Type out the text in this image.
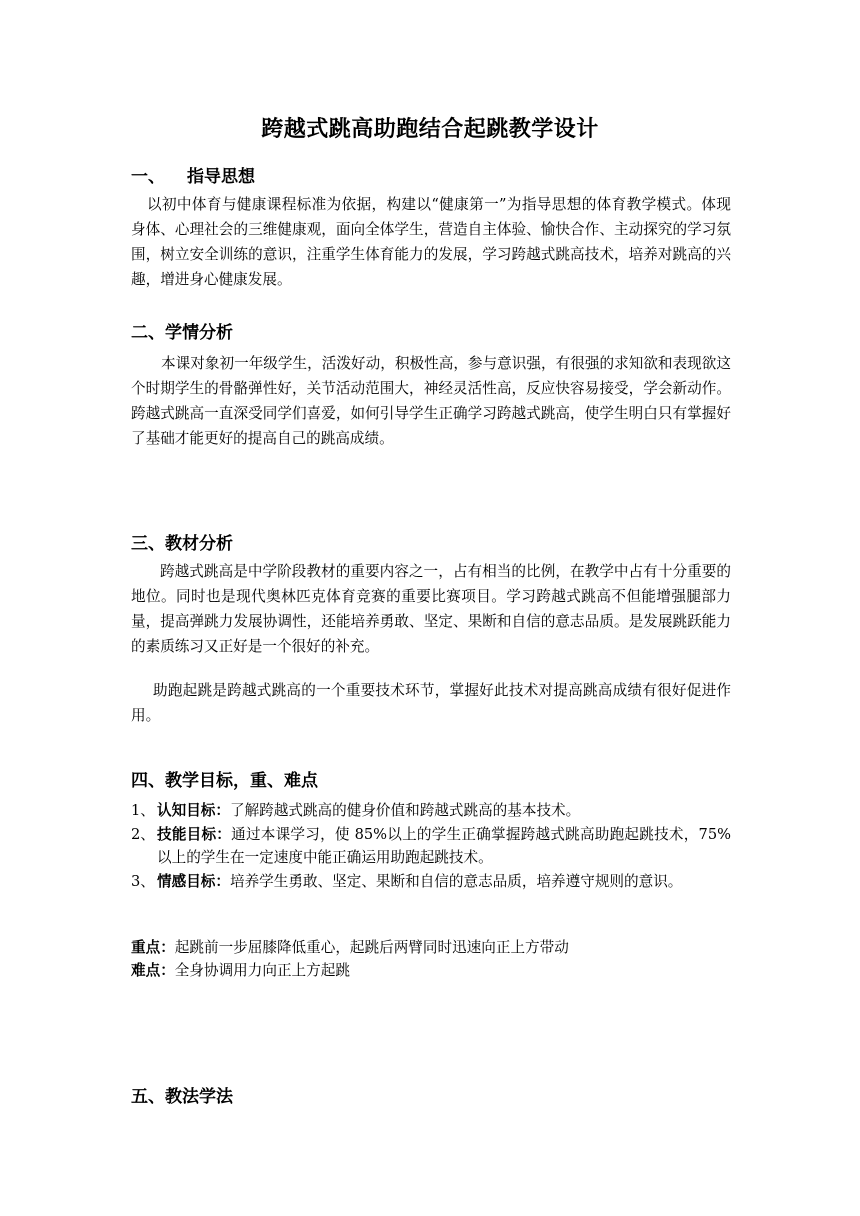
跨越式跳高助跑结合起跳教学设计
一、 指导思想
以初中体育与健康课程标准为依据，构建以“健康第一”为指导思想的体育教学模式。体现身体、心理社会的三维健康观，面向全体学生，营造自主体验、愉快合作、主动探究的学习氛围，树立安全训练的意识，注重学生体育能力的发展，学习跨越式跳高技术，培养对跳高的兴趣，增进身心健康发展。
二、学情分析
本课对象初一年级学生，活泼好动，积极性高，参与意识强，有很强的求知欲和表现欲这个时期学生的骨骼弹性好，关节活动范围大，神经灵活性高，反应快容易接受，学会新动作。跨越式跳高一直深受同学们喜爱，如何引导学生正确学习跨越式跳高，使学生明白只有掌握好了基础才能更好的提高自己的跳高成绩。
三、教材分析
跨越式跳高是中学阶段教材的重要内容之一，占有相当的比例，在教学中占有十分重要的地位。同时也是现代奥林匹克体育竞赛的重要比赛项目。学习跨越式跳高不但能增强腿部力量，提高弹跳力发展协调性，还能培养勇敢、坚定、果断和自信的意志品质。是发展跳跃能力的素质练习又正好是一个很好的补充。
助跑起跳是跨越式跳高的一个重要技术环节，掌握好此技术对提高跳高成绩有很好促进作用。
四、教学目标，重、难点
1、 认知目标：了解跨越式跳高的健身价值和跨越式跳高的基本技术。
2、 技能目标：通过本课学习，使 85%以上的学生正确掌握跨越式跳高助跑起跳技术，75%以上的学生在一定速度中能正确运用助跑起跳技术。
3、 情感目标：培养学生勇敢、坚定、果断和自信的意志品质，培养遵守规则的意识。
重点：起跳前一步屈膝降低重心，起跳后两臂同时迅速向正上方带动
难点：全身协调用力向正上方起跳
五、教法学法
